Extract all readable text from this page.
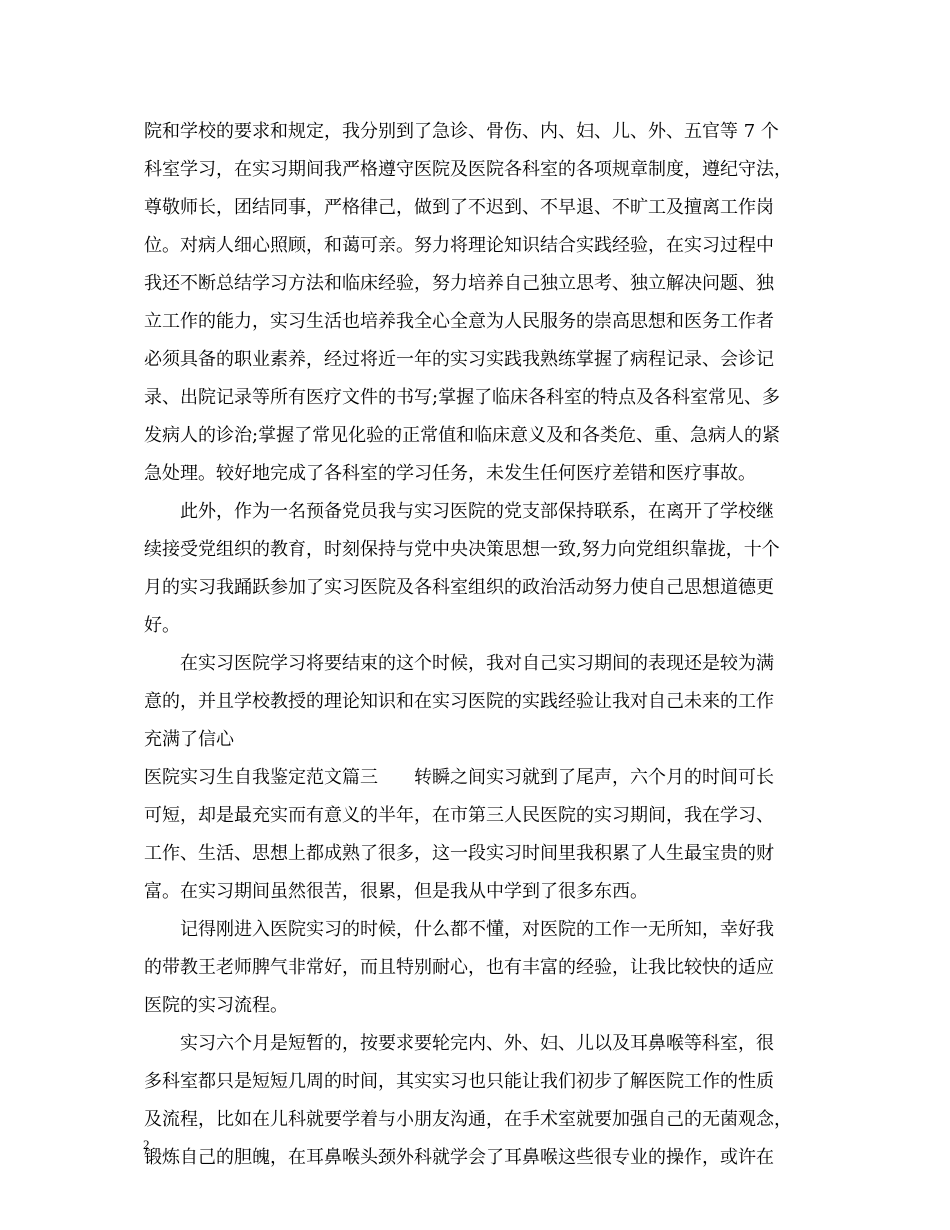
院和学校的要求和规定，我分别到了急诊、骨伤、内、妇、儿、外、五官等 7 个
科室学习，在实习期间我严格遵守医院及医院各科室的各项规章制度，遵纪守法，
尊敬师长，团结同事，严格律己，做到了不迟到、不早退、不旷工及擅离工作岗
位。对病人细心照顾，和蔼可亲。努力将理论知识结合实践经验，在实习过程中
我还不断总结学习方法和临床经验，努力培养自己独立思考、独立解决问题、独
立工作的能力，实习生活也培养我全心全意为人民服务的崇高思想和医务工作者
必须具备的职业素养，经过将近一年的实习实践我熟练掌握了病程记录、会诊记
录、出院记录等所有医疗文件的书写;掌握了临床各科室的特点及各科室常见、多
发病人的诊治;掌握了常见化验的正常值和临床意义及和各类危、重、急病人的紧
急处理。较好地完成了各科室的学习任务，未发生任何医疗差错和医疗事故。
　　此外，作为一名预备党员我与实习医院的党支部保持联系，在离开了学校继
续接受党组织的教育，时刻保持与党中央决策思想一致,努力向党组织靠拢，十个
月的实习我踊跃参加了实习医院及各科室组织的政治活动努力使自己思想道德更
好。
　　在实习医院学习将要结束的这个时候，我对自己实习期间的表现还是较为满
意的，并且学校教授的理论知识和在实习医院的实践经验让我对自己未来的工作
充满了信心
医院实习生自我鉴定范文篇三　　转瞬之间实习就到了尾声，六个月的时间可长
可短，却是最充实而有意义的半年，在市第三人民医院的实习期间，我在学习、
工作、生活、思想上都成熟了很多，这一段实习时间里我积累了人生最宝贵的财
富。在实习期间虽然很苦，很累，但是我从中学到了很多东西。
　　记得刚进入医院实习的时候，什么都不懂，对医院的工作一无所知，幸好我
的带教王老师脾气非常好，而且特别耐心，也有丰富的经验，让我比较快的适应
医院的实习流程。
　　实习六个月是短暂的，按要求要轮完内、外、妇、儿以及耳鼻喉等科室，很
多科室都只是短短几周的时间，其实实习也只能让我们初步了解医院工作的性质
及流程，比如在儿科就要学着与小朋友沟通，在手术室就要加强自己的无菌观念，
锻炼自己的胆魄，在耳鼻喉头颈外科就学会了耳鼻喉这些很专业的操作，或许在
2
